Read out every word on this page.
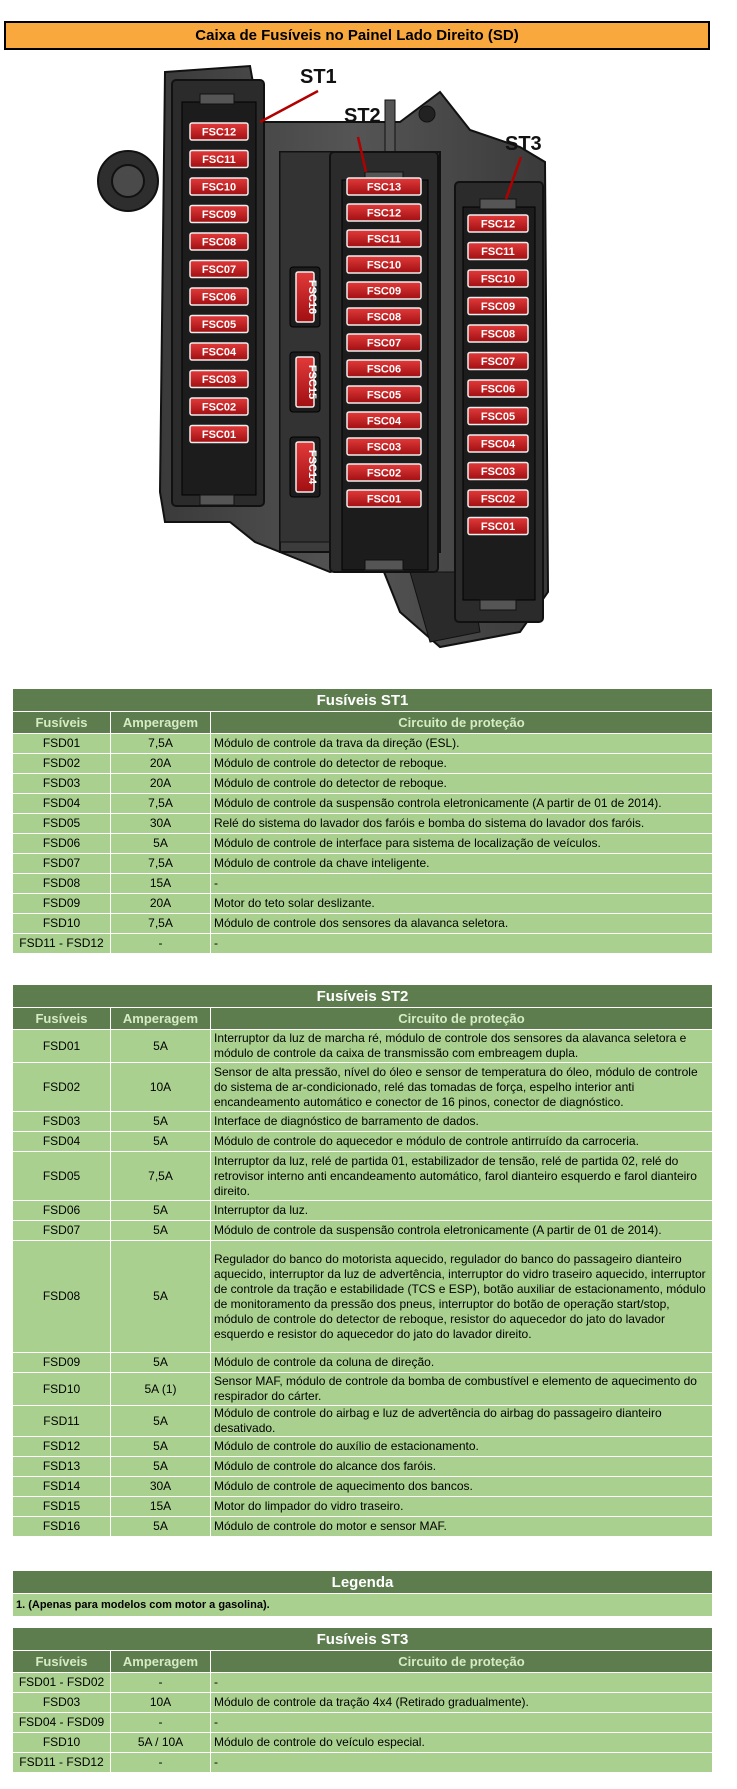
Caixa de Fusíveis no Painel Lado Direito (SD)
FSC12
FSC11
FSC10
FSC09
FSC08
FSC07
FSC06
FSC05
FSC04
FSC03
FSC02
FSC01
FSC13
FSC12
FSC11
FSC10
FSC09
FSC08
FSC07
FSC06
FSC05
FSC04
FSC03
FSC02
FSC01
FSC16
FSC15
FSC14
FSC12
FSC11
FSC10
FSC09
FSC08
FSC07
FSC06
FSC05
FSC04
FSC03
FSC02
FSC01
ST1
ST2
ST3
Fusíveis ST1		
Fusíveis	Amperagem	Circuito de proteção
FSD01	7,5A	Módulo de controle da trava da direção (ESL).
FSD02	20A	Módulo de controle do detector de reboque.
FSD03	20A	Módulo de controle do detector de reboque.
FSD04	7,5A	Módulo de controle da suspensão controla eletronicamente (A partir de 01 de 2014).
FSD05	30A	Relé do sistema do lavador dos faróis e bomba do sistema do lavador dos faróis.
FSD06	5A	Módulo de controle de interface para sistema de localização de veículos.
FSD07	7,5A	Módulo de controle da chave inteligente.
FSD08	15A	-
FSD09	20A	Motor do teto solar deslizante.
FSD10	7,5A	Módulo de controle dos sensores da alavanca seletora.
FSD11 - FSD12	-	-
Fusíveis ST2		
Fusíveis	Amperagem	Circuito de proteção
FSD01	5A	Interruptor da luz de marcha ré, módulo de controle dos sensores da alavanca seletora e módulo de controle da caixa de transmissão com embreagem dupla.
FSD02	10A	Sensor de alta pressão, nível do óleo e sensor de temperatura do óleo, módulo de controle do sistema de ar-condicionado, relé das tomadas de força, espelho interior anti encandeamento automático e conector de 16 pinos, conector de diagnóstico.
FSD03	5A	Interface de diagnóstico de barramento de dados.
FSD04	5A	Módulo de controle do aquecedor e módulo de controle antirruído da carroceria.
FSD05	7,5A	Interruptor da luz, relé de partida 01, estabilizador de tensão, relé de partida 02, relé do retrovisor interno anti encandeamento automático, farol dianteiro esquerdo e farol dianteiro direito.
FSD06	5A	Interruptor da luz.
FSD07	5A	Módulo de controle da suspensão controla eletronicamente (A partir de 01 de 2014).
FSD08	5A	Regulador do banco do motorista aquecido, regulador do banco do passageiro dianteiro aquecido, interruptor da luz de advertência, interruptor do vidro traseiro aquecido, interruptor de controle da tração e estabilidade (TCS e ESP), botão auxiliar de estacionamento, módulo de monitoramento da pressão dos pneus, interruptor do botão de operação start/stop, módulo de controle do detector de reboque, resistor do aquecedor do jato do lavador esquerdo e resistor do aquecedor do jato do lavador direito.
FSD09	5A	Módulo de controle da coluna de direção.
FSD10	5A (1)	Sensor MAF, módulo de controle da bomba de combustível e elemento de aquecimento do respirador do cárter.
FSD11	5A	Módulo de controle do airbag e luz de advertência do airbag do passageiro dianteiro desativado.
FSD12	5A	Módulo de controle do auxílio de estacionamento.
FSD13	5A	Módulo de controle do alcance dos faróis.
FSD14	30A	Módulo de controle de aquecimento dos bancos.
FSD15	15A	Motor do limpador do vidro traseiro.
FSD16	5A	Módulo de controle do motor e sensor MAF.
Legenda
1. (Apenas para modelos com motor a gasolina).
Fusíveis ST3		
Fusíveis	Amperagem	Circuito de proteção
FSD01 - FSD02	-	-
FSD03	10A	Módulo de controle da tração 4x4 (Retirado gradualmente).
FSD04 - FSD09	-	-
FSD10	5A / 10A	Módulo de controle do veículo especial.
FSD11 - FSD12	-	-
